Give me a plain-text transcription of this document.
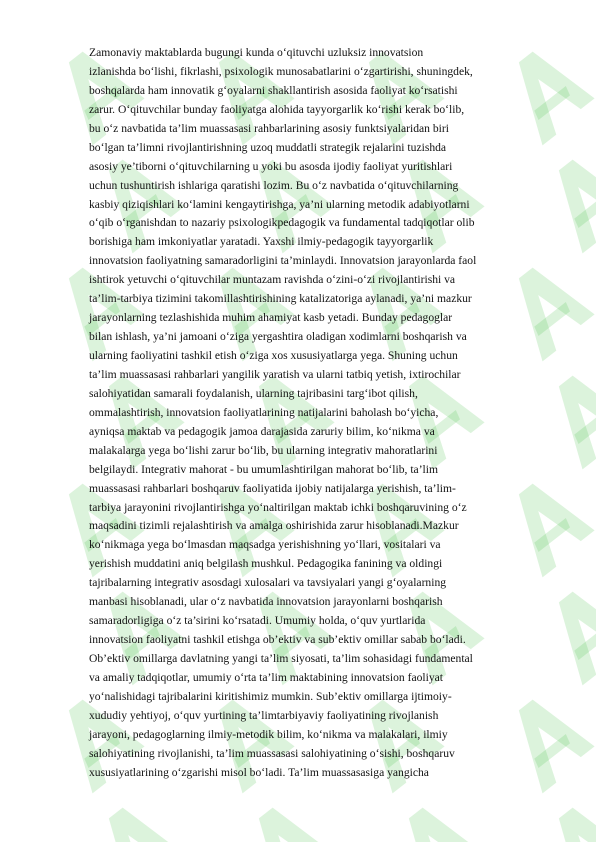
Zamonaviy maktablarda bugungi kunda o‘qituvchi uzluksiz innovatsion
izlanishda bo‘lishi, fikrlashi, psixologik munosabatlarini o‘zgartirishi, shuningdek,
boshqalarda ham innovatik g‘oyalarni shakllantirish asosida faoliyat ko‘rsatishi
zarur. O‘qituvchilar bunday faoliyatga alohida tayyorgarlik ko‘rishi kerak bo‘lib,
bu o‘z navbatida ta’lim muassasasi rahbarlarining asosiy funktsiyalaridan biri
bo‘lgan ta’limni rivojlantirishning uzoq muddatli strategik rejalarini tuzishda
asosiy ye’tiborni o‘qituvchilarning u yoki bu asosda ijodiy faoliyat yuritishlari
uchun tushuntirish ishlariga qaratishi lozim. Bu o‘z navbatida o‘qituvchilarning
kasbiy qiziqishlari ko‘lamini kengaytirishga, ya’ni ularning metodik adabiyotlarni
o‘qib o‘rganishdan to nazariy psixologikpedagogik va fundamental tadqiqotlar olib
borishiga ham imkoniyatlar yaratadi. Yaxshi ilmiy-pedagogik tayyorgarlik
innovatsion faoliyatning samaradorligini ta’minlaydi. Innovatsion jarayonlarda faol
ishtirok yetuvchi o‘qituvchilar muntazam ravishda o‘zini-o‘zi rivojlantirishi va
ta’lim-tarbiya tizimini takomillashtirishining katalizatoriga aylanadi, ya’ni mazkur
jarayonlarning tezlashishida muhim ahamiyat kasb yetadi. Bunday pedagoglar
bilan ishlash, ya’ni jamoani o‘ziga yergashtira oladigan xodimlarni boshqarish va
ularning faoliyatini tashkil etish o‘ziga xos xususiyatlarga yega. Shuning uchun
ta’lim muassasasi rahbarlari yangilik yaratish va ularni tatbiq yetish, ixtirochilar
salohiyatidan samarali foydalanish, ularning tajribasini targ‘ibot qilish,
ommalashtirish, innovatsion faoliyatlarining natijalarini baholash bo‘yicha,
ayniqsa maktab va pedagogik jamoa darajasida zaruriy bilim, ko‘nikma va
malakalarga yega bo‘lishi zarur bo‘lib, bu ularning integrativ mahoratlarini
belgilaydi. Integrativ mahorat - bu umumlashtirilgan mahorat bo‘lib, ta’lim
muassasasi rahbarlari boshqaruv faoliyatida ijobiy natijalarga yerishish, ta’lim-
tarbiya jarayonini rivojlantirishga yo‘naltirilgan maktab ichki boshqaruvining o‘z
maqsadini tizimli rejalashtirish va amalga oshirishida zarur hisoblanadi.Mazkur
ko‘nikmaga yega bo‘lmasdan maqsadga yerishishning yo‘llari, vositalari va
yerishish muddatini aniq belgilash mushkul. Pedagogika fanining va oldingi
tajribalarning integrativ asosdagi xulosalari va tavsiyalari yangi g‘oyalarning
manbasi hisoblanadi, ular o‘z navbatida innovatsion jarayonlarni boshqarish
samaradorligiga o‘z ta’sirini ko‘rsatadi. Umumiy holda, o‘quv yurtlarida
innovatsion faoliyatni tashkil etishga ob’ektiv va sub’ektiv omillar sabab bo‘ladi.
Ob’ektiv omillarga davlatning yangi ta’lim siyosati, ta’lim sohasidagi fundamental
va amaliy tadqiqotlar, umumiy o‘rta ta’lim maktabining innovatsion faoliyat
yo‘nalishidagi tajribalarini kiritishimiz mumkin. Sub’ektiv omillarga ijtimoiy-
xududiy yehtiyoj, o‘quv yurtining ta’limtarbiyaviy faoliyatining rivojlanish
jarayoni, pedagoglarning ilmiy-metodik bilim, ko‘nikma va malakalari, ilmiy
salohiyatining rivojlanishi, ta’lim muassasasi salohiyatining o‘sishi, boshqaruv
xususiyatlarining o‘zgarishi misol bo‘ladi. Ta’lim muassasasiga yangicha
